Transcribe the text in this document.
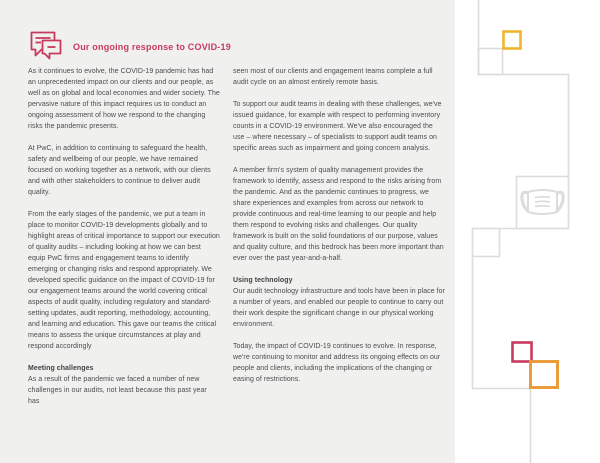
Our ongoing response to COVID-19

As it continues to evolve, the COVID-19 pandemic has had an unprecedented impact on our clients and our people, as well as on global and local economies and wider society. The pervasive nature of this impact requires us to conduct an ongoing assessment of how we respond to the changing risks the pandemic presents.

At PwC, in addition to continuing to safeguard the health, safety and wellbeing of our people, we have remained focused on working together as a network, with our clients and with other stakeholders to continue to deliver audit quality.

From the early stages of the pandemic, we put a team in place to monitor COVID-19 developments globally and to highlight areas of critical importance to support our execution of quality audits – including looking at how we can best equip PwC firms and engagement teams to identify emerging or changing risks and respond appropriately. We developed specific guidance on the impact of COVID-19 for our engagement teams around the world covering critical aspects of audit quality, including regulatory and standard-setting updates, audit reporting, methodology, accounting, and learning and education. This gave our teams the critical means to assess the unique circumstances at play and respond accordingly

Meeting challenges

As a result of the pandemic we faced a number of new challenges in our audits, not least because this past year has

seen most of our clients and engagement teams complete a full audit cycle on an almost entirely remote basis.

To support our audit teams in dealing with these challenges, we've issued guidance, for example with respect to performing inventory counts in a COVID-19 environment. We've also encouraged the use – where necessary – of specialists to support audit teams on specific areas such as impairment and going concern analysis.

A member firm's system of quality management provides the framework to identify, assess and respond to the risks arising from the pandemic. And as the pandemic continues to progress, we share experiences and examples from across our network to provide continuous and real-time learning to our people and help them respond to evolving risks and challenges. Our quality framework is built on the solid foundations of our purpose, values and quality culture, and this bedrock has been more important than ever over the past year-and-a-half.

Using technology

Our audit technology infrastructure and tools have been in place for a number of years, and enabled our people to continue to carry out their work despite the significant change in our physical working environment.

Today, the impact of COVID-19 continues to evolve. In response, we're continuing to monitor and address its ongoing effects on our people and clients, including the implications of the changing or easing of restrictions.
